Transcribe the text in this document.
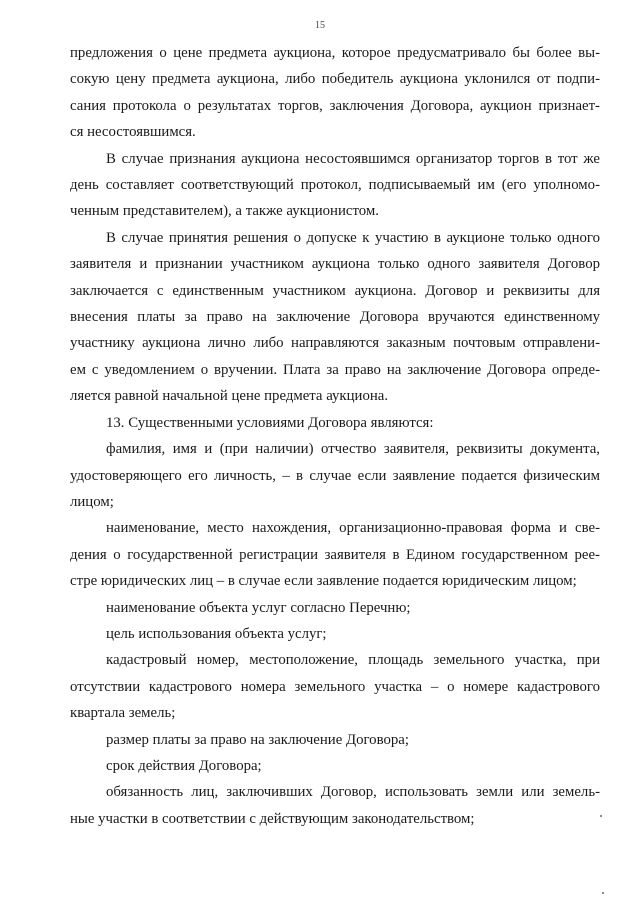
15
предложения о цене предмета аукциона, которое предусматривало бы более вы-
сокую цену предмета аукциона, либо победитель аукциона уклонился от подпи-
сания протокола о результатах торгов, заключения Договора, аукцион признает-
ся несостоявшимся.
В случае признания аукциона несостоявшимся организатор торгов в тот же
день составляет соответствующий протокол, подписываемый им (его уполномо-
ченным представителем), а также аукционистом.
В случае принятия решения о допуске к участию в аукционе только одного
заявителя и признании участником аукциона только одного заявителя Договор
заключается с единственным участником аукциона. Договор и реквизиты для
внесения платы за право на заключение Договора вручаются единственному
участнику аукциона лично либо направляются заказным почтовым отправлени-
ем с уведомлением о вручении. Плата за право на заключение Договора опреде-
ляется равной начальной цене предмета аукциона.
13. Существенными условиями Договора являются:
фамилия, имя и (при наличии) отчество заявителя, реквизиты документа,
удостоверяющего его личность, – в случае если заявление подается физическим
лицом;
наименование, место нахождения, организационно-правовая форма и све-
дения о государственной регистрации заявителя в Едином государственном рее-
стре юридических лиц – в случае если заявление подается юридическим лицом;
наименование объекта услуг согласно Перечню;
цель использования объекта услуг;
кадастровый номер, местоположение, площадь земельного участка, при
отсутствии кадастрового номера земельного участка – о номере кадастрового
квартала земель;
размер платы за право на заключение Договора;
срок действия Договора;
обязанность лиц, заключивших Договор, использовать земли или земель-
ные участки в соответствии с действующим законодательством;
